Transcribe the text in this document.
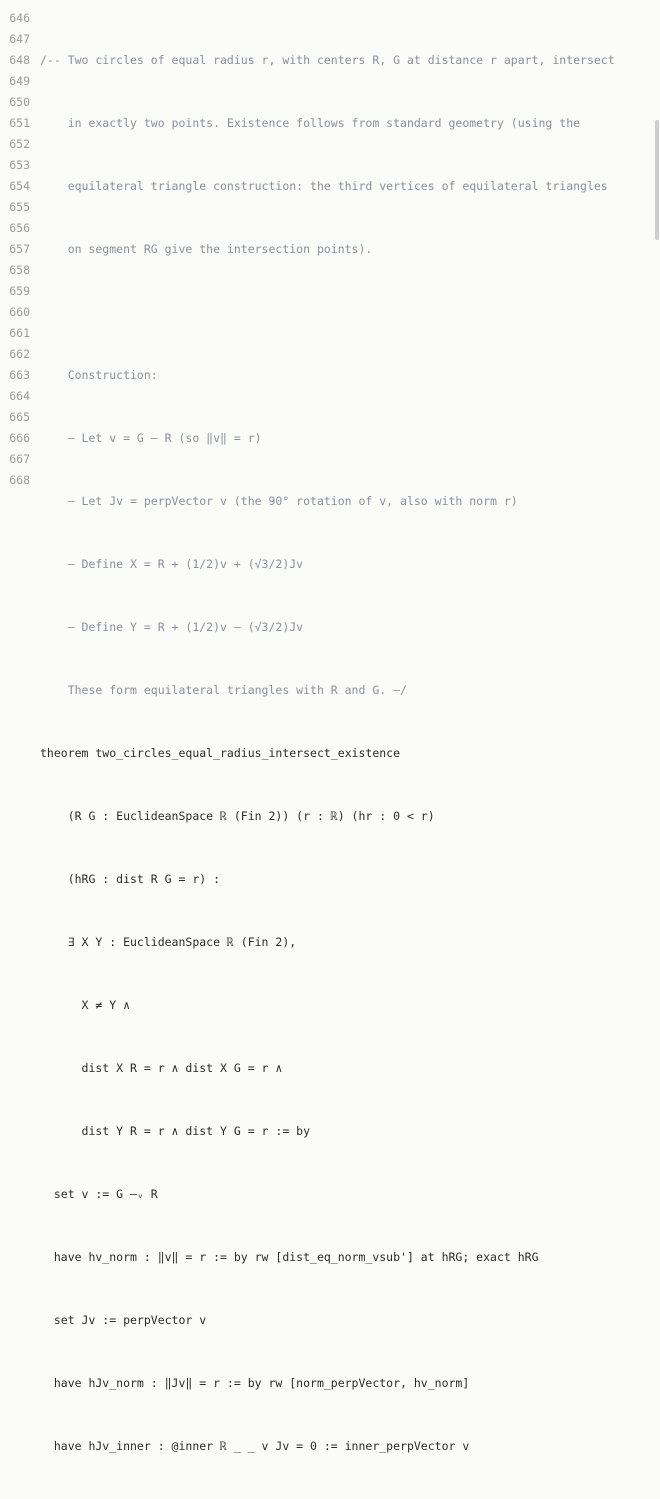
646
647
648
649
650
651
652
653
654
655
656
657
658
659
660
661
662
663
664
665
666
667
668

/-- Two circles of equal radius r, with centers R, G at distance r apart, intersect

in exactly two points. Existence follows from standard geometry (using the

equilateral triangle construction: the third vertices of equilateral triangles

on segment RG give the intersection points).

Construction:

– Let v = G – R (so ‖v‖ = r)

– Let Jv = perpVector v (the 90° rotation of v, also with norm r)

– Define X = R + (1/2)v + (√3/2)Jv

– Define Y = R + (1/2)v – (√3/2)Jv

These form equilateral triangles with R and G. –/

theorem two_circles_equal_radius_intersect_existence

(R G : EuclideanSpace ℝ (Fin 2)) (r : ℝ) (hr : 0 < r)

(hRG : dist R G = r) :

∃ X Y : EuclideanSpace ℝ (Fin 2),

X ≠ Y ∧

dist X R = r ∧ dist X G = r ∧

dist Y R = r ∧ dist Y G = r := by

set v := G –ᵥ R

have hv_norm : ‖v‖ = r := by rw [dist_eq_norm_vsub'] at hRG; exact hRG

set Jv := perpVector v

have hJv_norm : ‖Jv‖ = r := by rw [norm_perpVector, hv_norm]

have hJv_inner : @inner ℝ _ _ v Jv = 0 := inner_perpVector v
